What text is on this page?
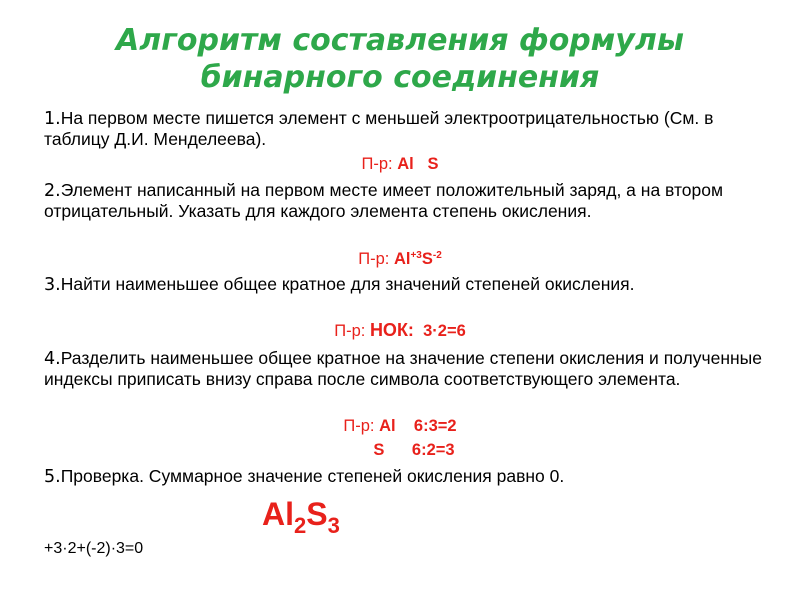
Алгоритм составления формулы
бинарного соединения
1.На первом месте пишется элемент с меньшей электроотрицательностью (См. в таблицу Д.И. Менделеева).
П-р: Al   S
2.Элемент написанный на первом месте имеет положительный заряд, а на втором отрицательный. Указать для каждого элемента степень окисления.
П-р: $Al^{+3}S^{-2}$
3.Найти наименьшее общее кратное для значений степеней окисления.
П-р: НОК:  3·2=6
4.Разделить наименьшее общее кратное на значение степени окисления и полученные индексы приписать внизу справа после символа соответствующего элемента.
П-р: Al    6:3=2
S      6:2=3
5.Проверка. Суммарное значение степеней окисления равно 0.
$Al_2S_3$
+3·2+(-2)·3=0
